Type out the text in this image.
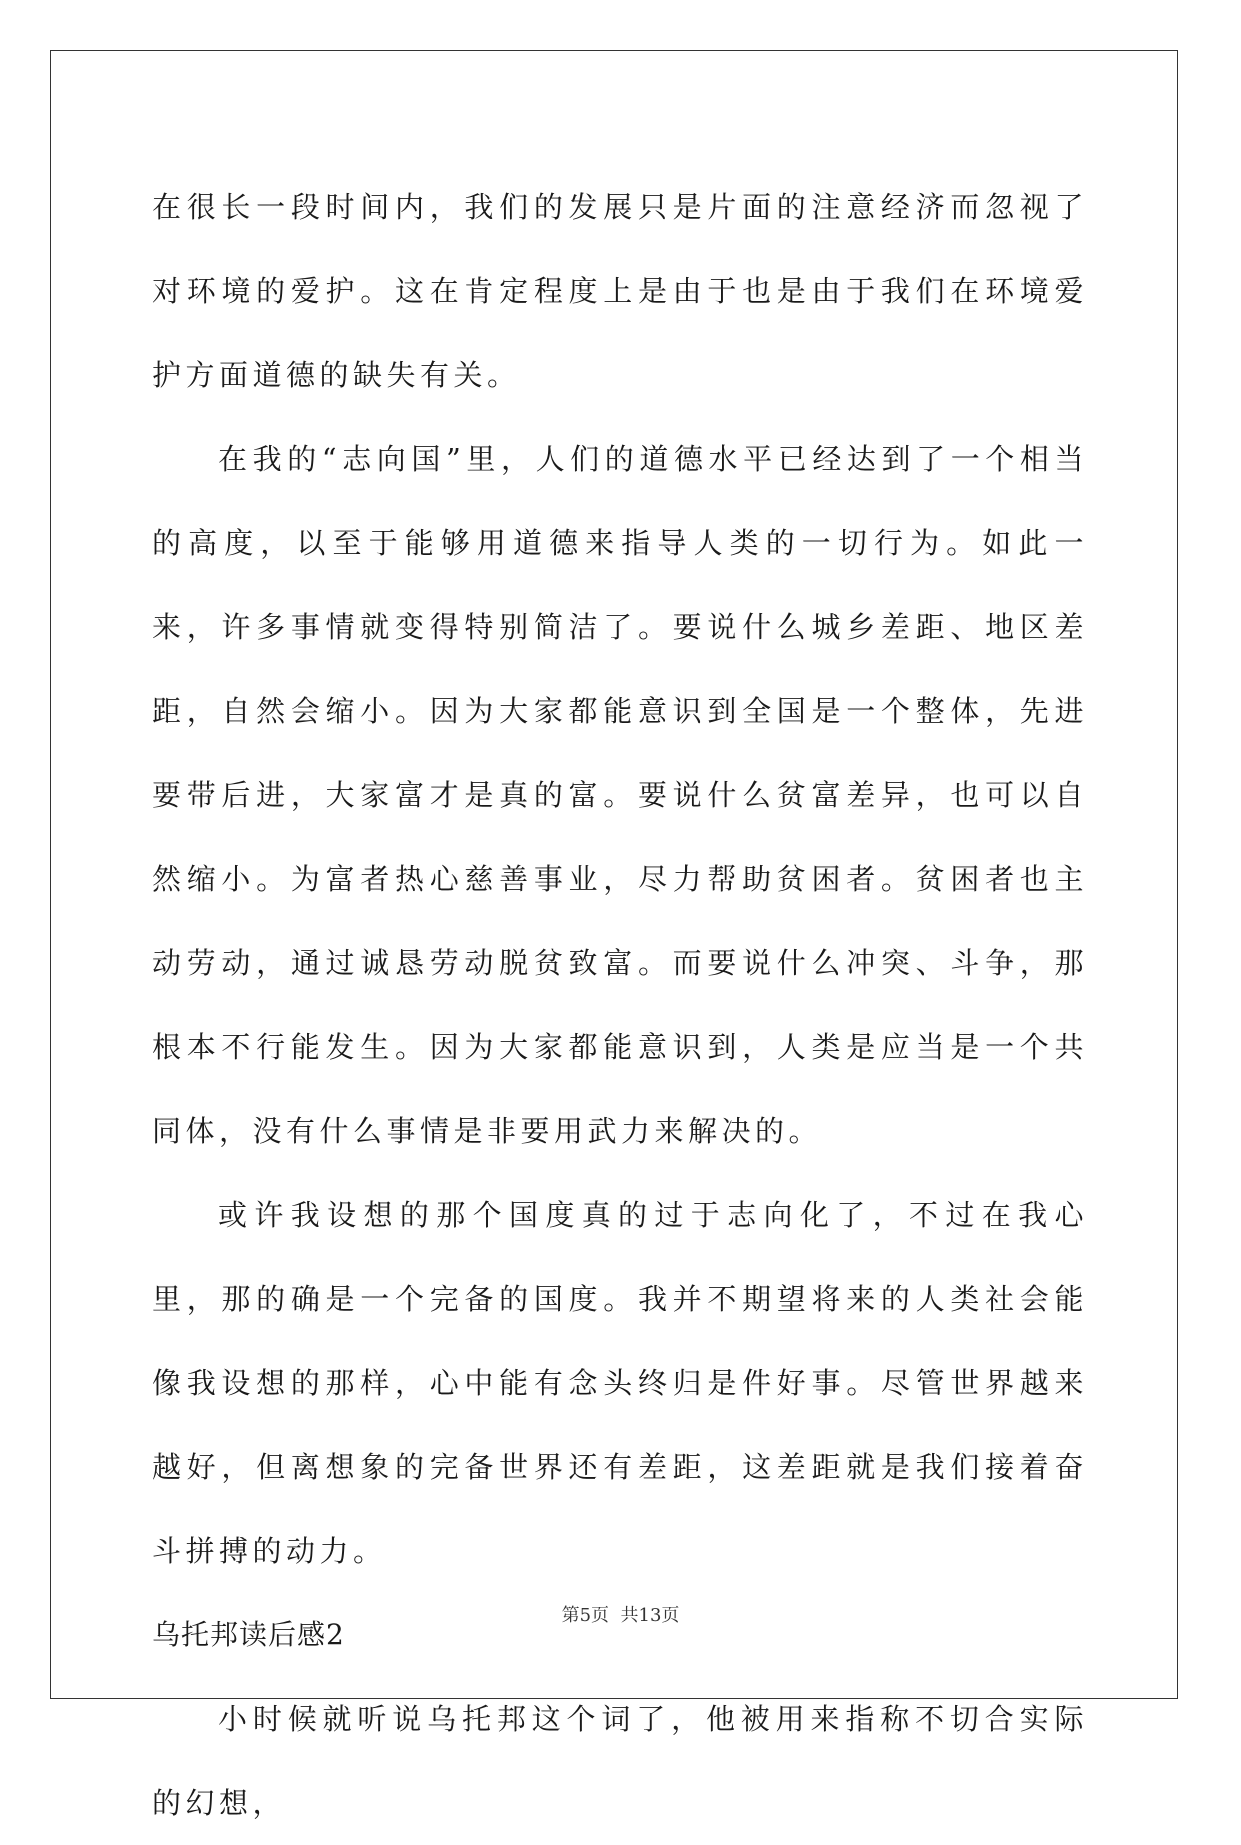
在很长一段时间内，我们的发展只是片面的注意经济而忽视了对环境的爱护。这在肯定程度上是由于也是由于我们在环境爱护方面道德的缺失有关。

在我的“志向国”里，人们的道德水平已经达到了一个相当的高度，以至于能够用道德来指导人类的一切行为。如此一来，许多事情就变得特别简洁了。要说什么城乡差距、地区差距，自然会缩小。因为大家都能意识到全国是一个整体，先进要带后进，大家富才是真的富。要说什么贫富差异，也可以自然缩小。为富者热心慈善事业，尽力帮助贫困者。贫困者也主动劳动，通过诚恳劳动脱贫致富。而要说什么冲突、斗争，那根本不行能发生。因为大家都能意识到，人类是应当是一个共同体，没有什么事情是非要用武力来解决的。

或许我设想的那个国度真的过于志向化了，不过在我心里，那的确是一个完备的国度。我并不期望将来的人类社会能像我设想的那样，心中能有念头终归是件好事。尽管世界越来越好，但离想象的完备世界还有差距，这差距就是我们接着奋斗拼搏的动力。

乌托邦读后感2

小时候就听说乌托邦这个词了，他被用来指称不切合实际的幻想，

第5页  共13页
